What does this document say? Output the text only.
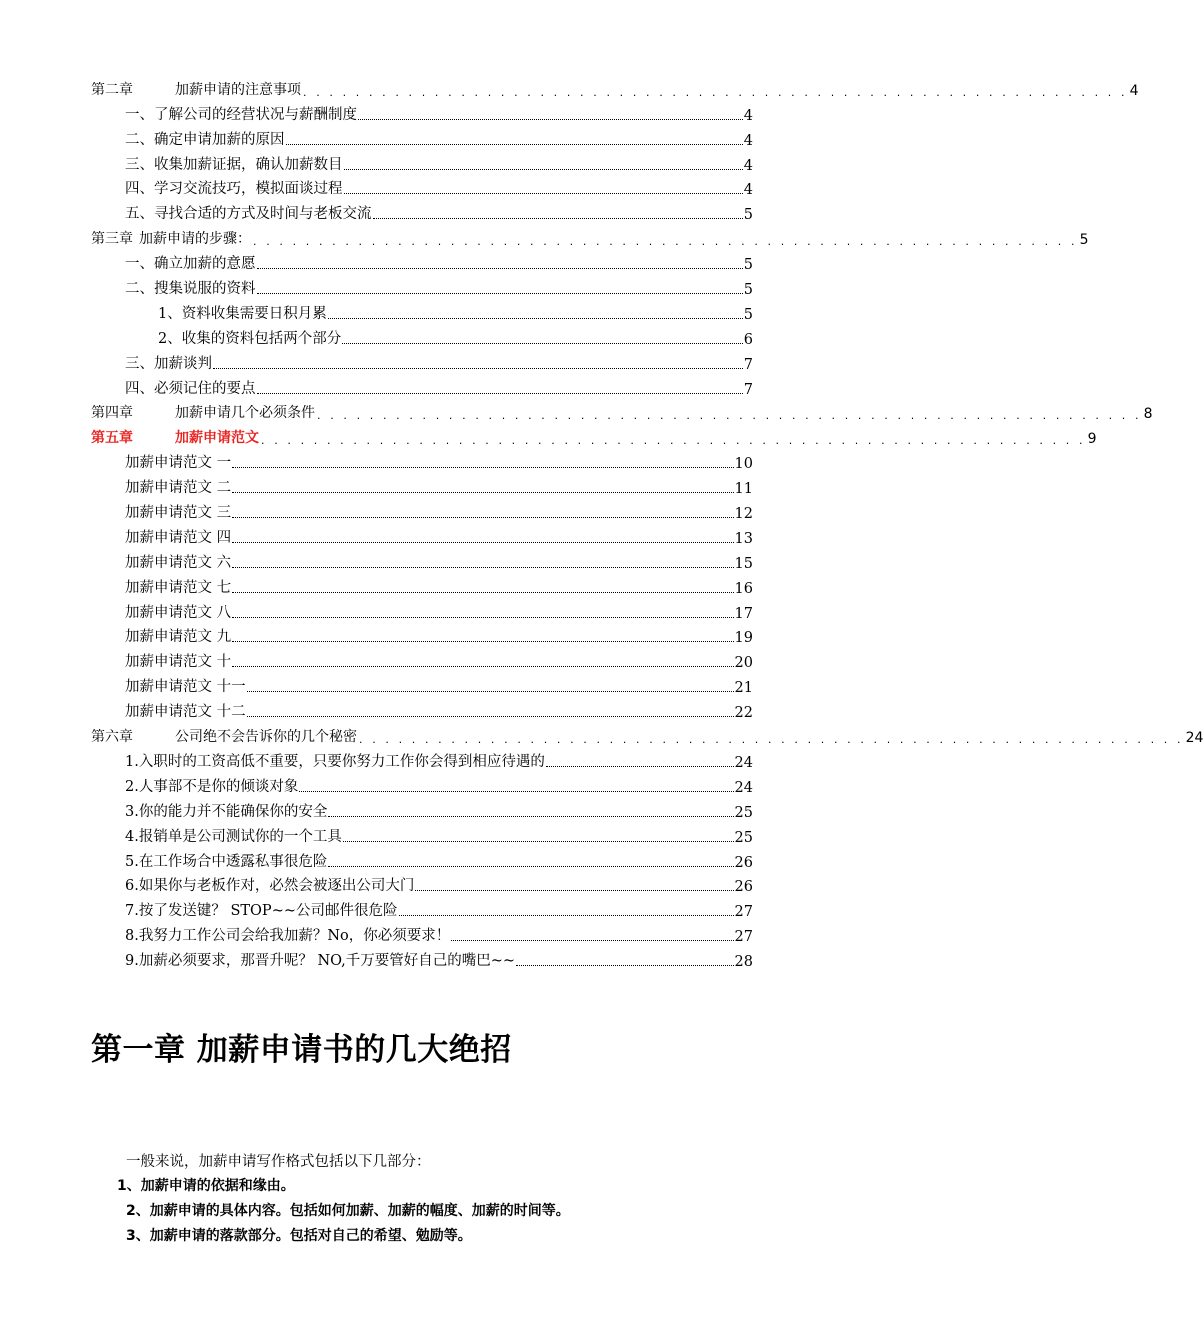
第二章	加薪申请的注意事项 . . . . . . . . . . . . . . . . . . . . . . . . . . . . . . . . . . . . . . . . . . . . . . . . . . . . . . . . . . . . . . . 4
一、了解公司的经营状况与薪酬制度	4
二、确定申请加薪的原因	4
三、收集加薪证据，确认加薪数目	4
四、学习交流技巧，模拟面谈过程	4
五、寻找合适的方式及时间与老板交流	5
第三章 加薪申请的步骤： . . . . . . . . . . . . . . . . . . . . . . . . . . . . . . . . . . . . . . . . . . . . . . . . . . . . . . . . . . . . . . . 5
一、确立加薪的意愿	5
二、搜集说服的资料	5
1、资料收集需要日积月累	5
2、收集的资料包括两个部分	6
三、加薪谈判	7
四、必须记住的要点	7
第四章	加薪申请几个必须条件 . . . . . . . . . . . . . . . . . . . . . . . . . . . . . . . . . . . . . . . . . . . . . . . . . . . . . . . . . . . . . . . 8
第五章	加薪申请范文 . . . . . . . . . . . . . . . . . . . . . . . . . . . . . . . . . . . . . . . . . . . . . . . . . . . . . . . . . . . . . . . 9
加薪申请范文 一	10
加薪申请范文 二	11
加薪申请范文 三	12
加薪申请范文 四	13
加薪申请范文 六	15
加薪申请范文 七	16
加薪申请范文 八	17
加薪申请范文 九	19
加薪申请范文 十	20
加薪申请范文 十一	21
加薪申请范文 十二	22
第六章	公司绝不会告诉你的几个秘密 . . . . . . . . . . . . . . . . . . . . . . . . . . . . . . . . . . . . . . . . . . . . . . . . . . . . . . . . . . . . . . . 24
1.入职时的工资高低不重要，只要你努力工作你会得到相应待遇的	24
2.人事部不是你的倾谈对象	24
3.你的能力并不能确保你的安全	25
4.报销单是公司测试你的一个工具	25
5.在工作场合中透露私事很危险	26
6.如果你与老板作对，必然会被逐出公司大门	26
7.按了发送键？ STOP~~公司邮件很危险	27
8.我努力工作公司会给我加薪？No，你必须要求！	27
9.加薪必须要求，那晋升呢？ NO,千万要管好自己的嘴巴~~	28
第一章 加薪申请书的几大绝招

一般来说，加薪申请写作格式包括以下几部分：

1、加薪申请的依据和缘由。

2、加薪申请的具体内容。包括如何加薪、加薪的幅度、加薪的时间等。

3、加薪申请的落款部分。包括对自己的希望、勉励等。
